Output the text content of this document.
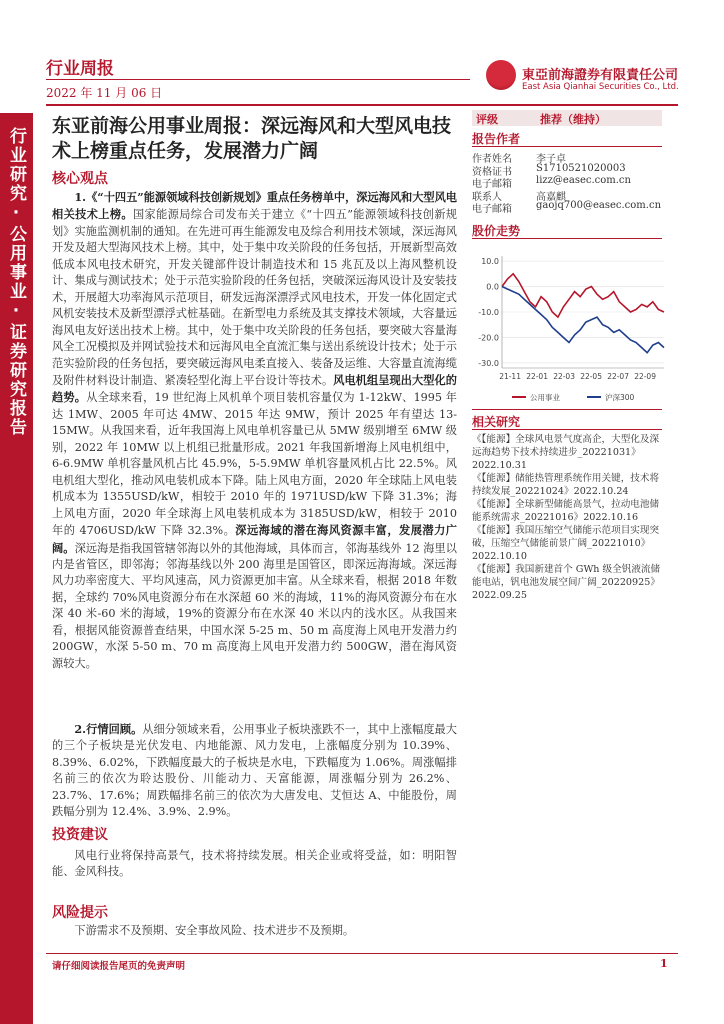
行业周报
2022 年 11 月 06 日
東亞前海證券有限責任公司
East Asia Qianhai Securities Co., Ltd.
行业研究·公用事业·证券研究报告
东亚前海公用事业周报：深远海风和大型风电技术上榜重点任务，发展潜力广阔
核心观点

1.《“十四五”能源领域科技创新规划》重点任务榜单中，深远海风和大型风电相关技术上榜。国家能源局综合司发布关于建立《“十四五”能源领域科技创新规划》实施监测机制的通知。在先进可再生能源发电及综合利用技术领域，深远海风开发及超大型海风技术上榜。其中，处于集中攻关阶段的任务包括，开展新型高效低成本风电技术研究，开发关键部件设计制造技术和 15 兆瓦及以上海风整机设计、集成与测试技术；处于示范实验阶段的任务包括，突破深远海风设计及安装技术，开展超大功率海风示范项目，研发远海深漂浮式风电技术，开发一体化固定式风机安装技术及新型漂浮式桩基础。在新型电力系统及其支撑技术领域，大容量远海风电友好送出技术上榜。其中，处于集中攻关阶段的任务包括，要突破大容量海风全工况模拟及并网试验技术和远海风电全直流汇集与送出系统设计技术；处于示范实验阶段的任务包括，要突破远海风电柔直接入、装备及运维、大容量直流海缆及附件材料设计制造、紧凑轻型化海上平台设计等技术。风电机组呈现出大型化的趋势。从全球来看，19 世纪海上风机单个项目装机容量仅为 1-12kW、1995 年达 1MW、2005 年可达 4MW、2015 年达 9MW，预计 2025 年有望达 13-15MW。从我国来看，近年我国海上风电单机容量已从 5MW 级别增至 6MW 级别，2022 年 10MW 以上机组已批量形成。2021 年我国新增海上风电机组中，6-6.9MW 单机容量风机占比 45.9%，5-5.9MW 单机容量风机占比 22.5%。风电机组大型化，推动风电装机成本下降。陆上风电方面，2020 年全球陆上风电装机成本为 1355USD/kW，相较于 2010 年的 1971USD/kW 下降 31.3%；海上风电方面，2020 年全球海上风电装机成本为 3185USD/kW，相较于 2010 年的 4706USD/kW 下降 32.3%。深远海域的潜在海风资源丰富，发展潜力广阔。深远海是指我国管辖邻海以外的其他海域，具体而言，邻海基线外 12 海里以内是省管区，即邻海；邻海基线以外 200 海里是国管区，即深远海海域。深远海风力功率密度大、平均风速高，风力资源更加丰富。从全球来看，根据 2018 年数据，全球约 70%风电资源分布在水深超 60 米的海域，11%的海风资源分布在水深 40 米-60 米的海域，19%的资源分布在水深 40 米以内的浅水区。从我国来看，根据风能资源普查结果，中国水深 5-25 m、50 m 高度海上风电开发潜力约 200GW，水深 5-50 m、70 m 高度海上风电开发潜力约 500GW，潜在海风资源较大。

2.行情回顾。从细分领域来看，公用事业子板块涨跌不一，其中上涨幅度最大的三个子板块是光伏发电、内地能源、风力发电，上涨幅度分别为 10.39%、8.39%、6.02%，下跌幅度最大的子板块是水电，下跌幅度为 1.06%。周涨幅排名前三的依次为聆达股份、川能动力、天富能源，周涨幅分别为 26.2%、23.7%、17.6%；周跌幅排名前三的依次为大唐发电、艾恒达 A、中能股份，周跌幅分别为 12.4%、3.9%、2.9%。

投资建议

风电行业将保持高景气，技术将持续发展。相关企业或将受益，如：明阳智能、金风科技。

风险提示

下游需求不及预期、安全事故风险、技术进步不及预期。

评级	推荐（维持）
报告作者
作者姓名	李子卓
资格证书	S1710521020003
电子邮箱	lizz@easec.com.cn
联系人	高嘉麒
电子邮箱	gaojq700@easec.com.cn
股价走势
10.0
0.0
-10.0
-20.0
-30.0
21-11 22-01 22-03 22-05 22-07 22-09
公用事业	沪深300
相关研究

《【能源】全球风电景气度高企，大型化及深远海趋势下技术持续进步_20221031》2022.10.31

《【能源】储能热管理系统作用关键，技术将持续发展_20221024》2022.10.24

《【能源】全球新型储能高景气，拉动电池储能系统需求_20221016》2022.10.16

《【能源】我国压缩空气储能示范项目实现突破，压缩空气储能前景广阔_20221010》2022.10.10

《【能源】我国新建首个 GWh 级全钒液流储能电站，钒电池发展空间广阔_20220925》2022.09.25

请仔细阅读报告尾页的免责声明	1
